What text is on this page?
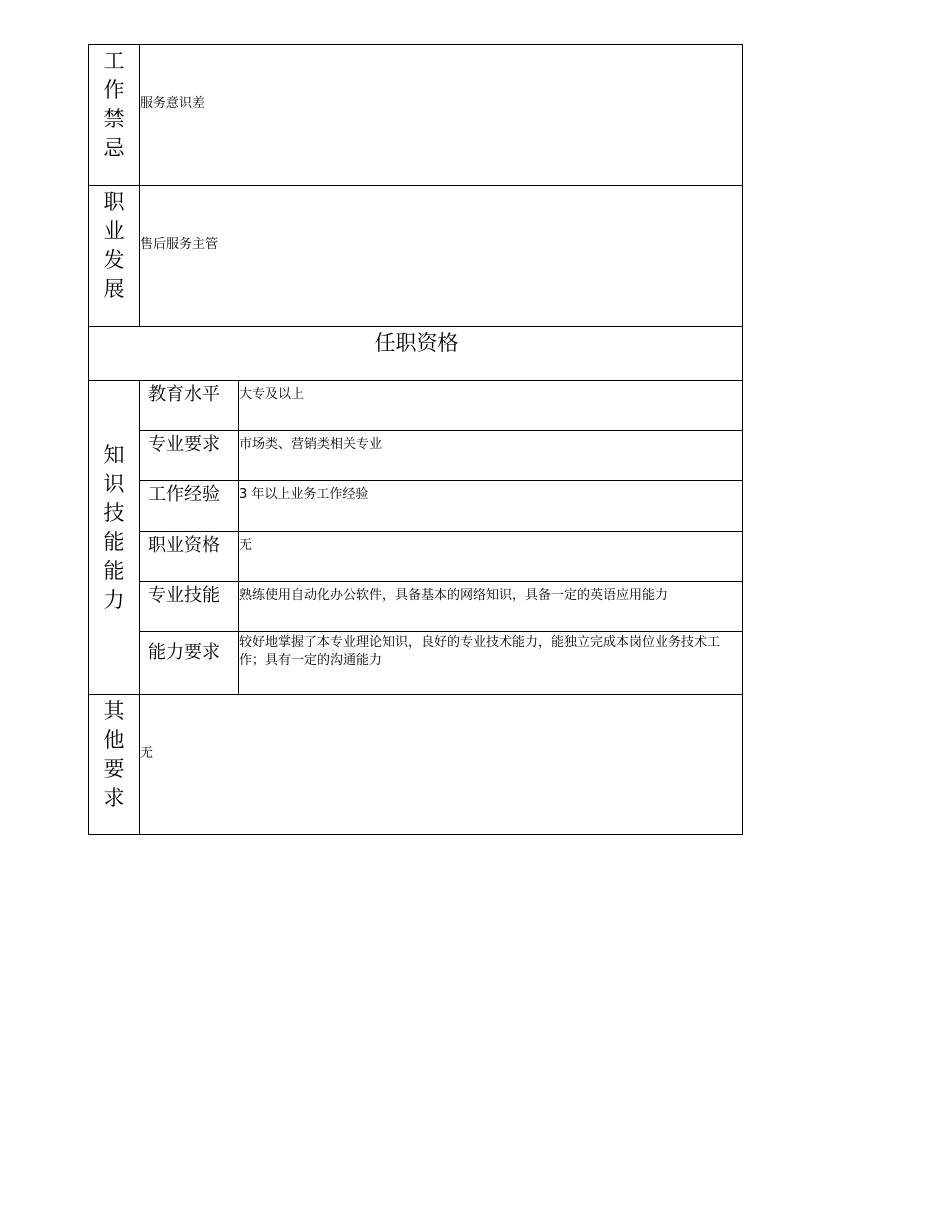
工
作
禁
忌
服务意识差
职
业
发
展
售后服务主管
任职资格
知
识
技
能
能
力
教育水平 大专及以上
专业要求 市场类、营销类相关专业
工作经验 3 年以上业务工作经验
职业资格 无
专业技能 熟练使用自动化办公软件，具备基本的网络知识，具备一定的英语应用能力
能力要求 较好地掌握了本专业理论知识，良好的专业技术能力，能独立完成本岗位业务技术工作；具有一定的沟通能力
其
他
要
求
无
